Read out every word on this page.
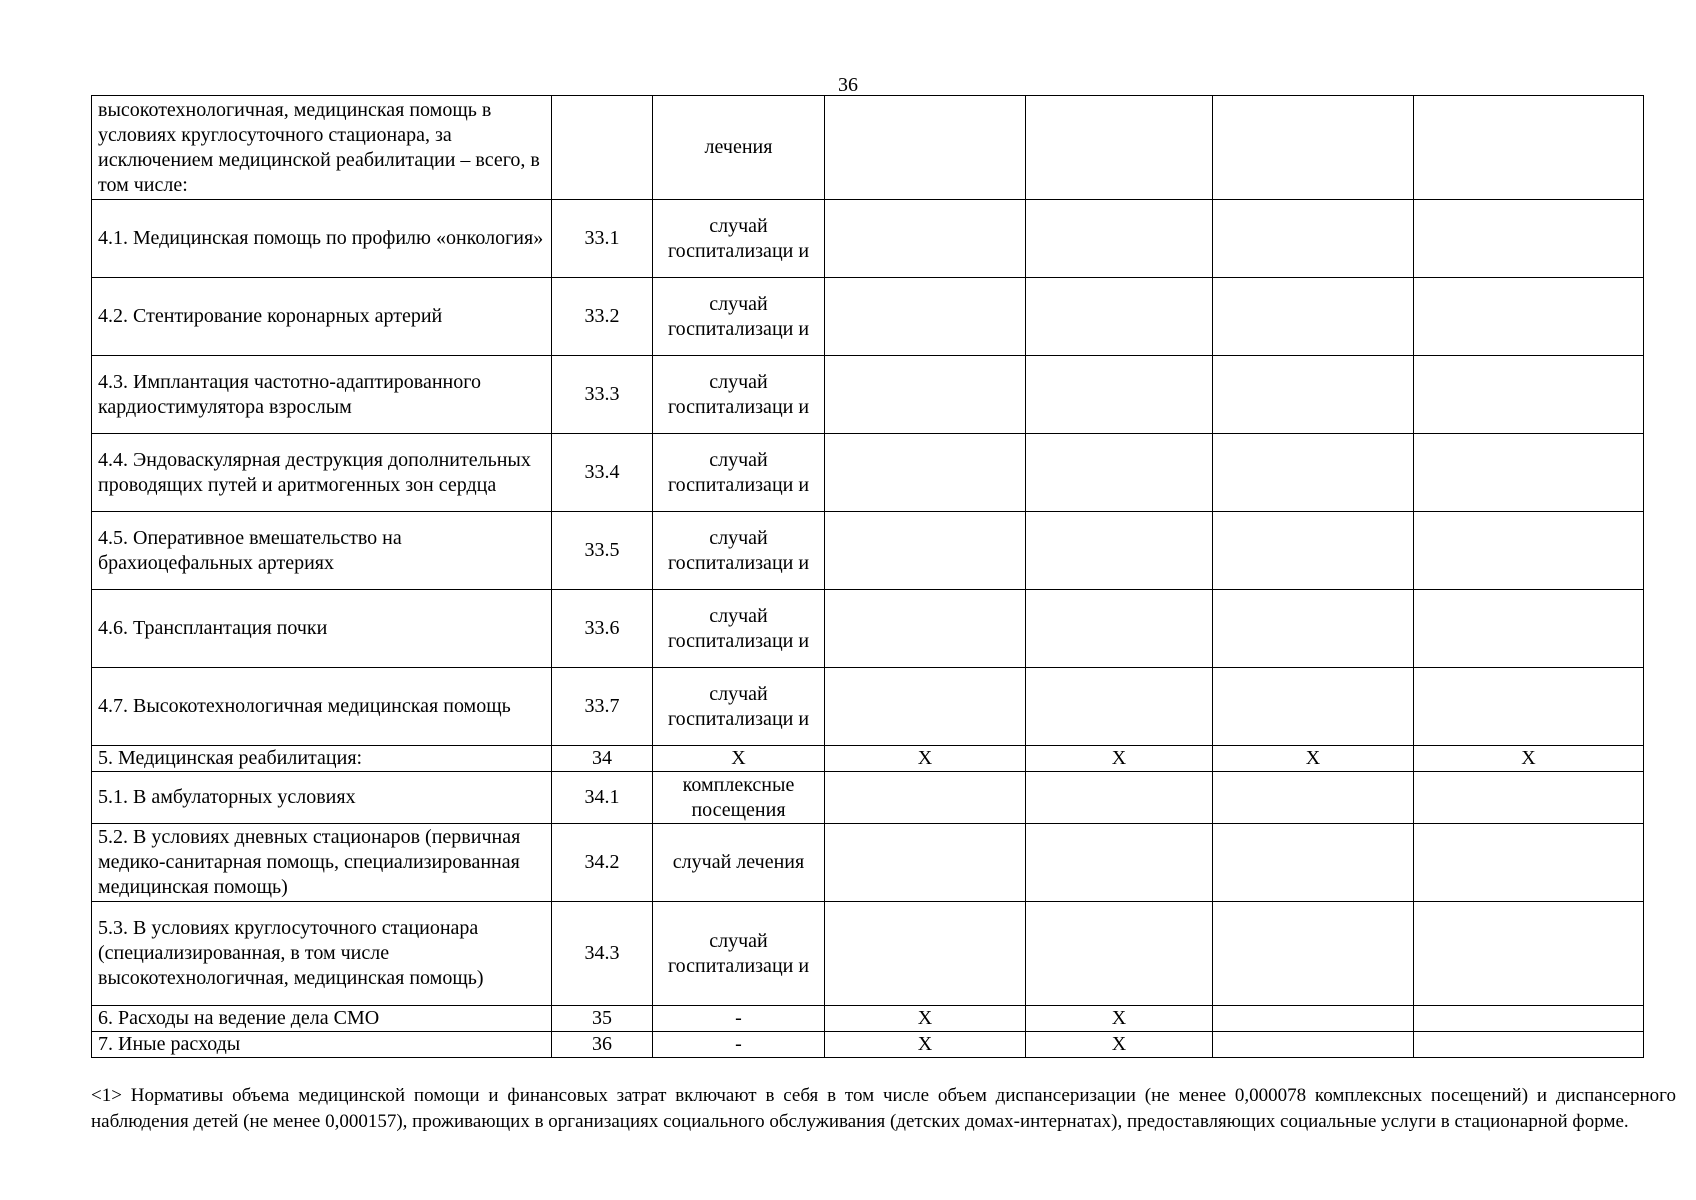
36
высокотехнологичная, медицинская помощь в условиях круглосуточного стационара, за исключением медицинской реабилитации – всего, в том числе:		лечения				
4.1. Медицинская помощь по профилю «онкология»	33.1	случай госпитализаци и				
4.2. Стентирование коронарных артерий	33.2	случай госпитализаци и				
4.3. Имплантация частотно-адаптированного кардиостимулятора взрослым	33.3	случай госпитализаци и				
4.4. Эндоваскулярная деструкция дополнительных проводящих путей и аритмогенных зон сердца	33.4	случай госпитализаци и				
4.5. Оперативное вмешательство на брахиоцефальных артериях	33.5	случай госпитализаци и				
4.6. Трансплантация почки	33.6	случай госпитализаци и				
4.7. Высокотехнологичная медицинская помощь	33.7	случай госпитализаци и				
5. Медицинская реабилитация:	34	Х	Х	Х	Х	Х
5.1. В амбулаторных условиях	34.1	комплексные посещения				
5.2. В условиях дневных стационаров (первичная медико-санитарная помощь, специализированная медицинская помощь)	34.2	случай лечения				
5.3. В условиях круглосуточного стационара (специализированная, в том числе высокотехнологичная, медицинская помощь)	34.3	случай госпитализаци и				
6. Расходы на ведение дела СМО	35	-	Х	Х		
7. Иные расходы	36	-	Х	Х		
<1> Нормативы объема медицинской помощи и финансовых затрат включают в себя в том числе объем диспансеризации (не менее 0,000078 комплексных посещений) и диспансерного наблюдения детей (не менее 0,000157), проживающих в организациях социального обслуживания (детских домах-интернатах), предоставляющих социальные услуги в стационарной форме.
